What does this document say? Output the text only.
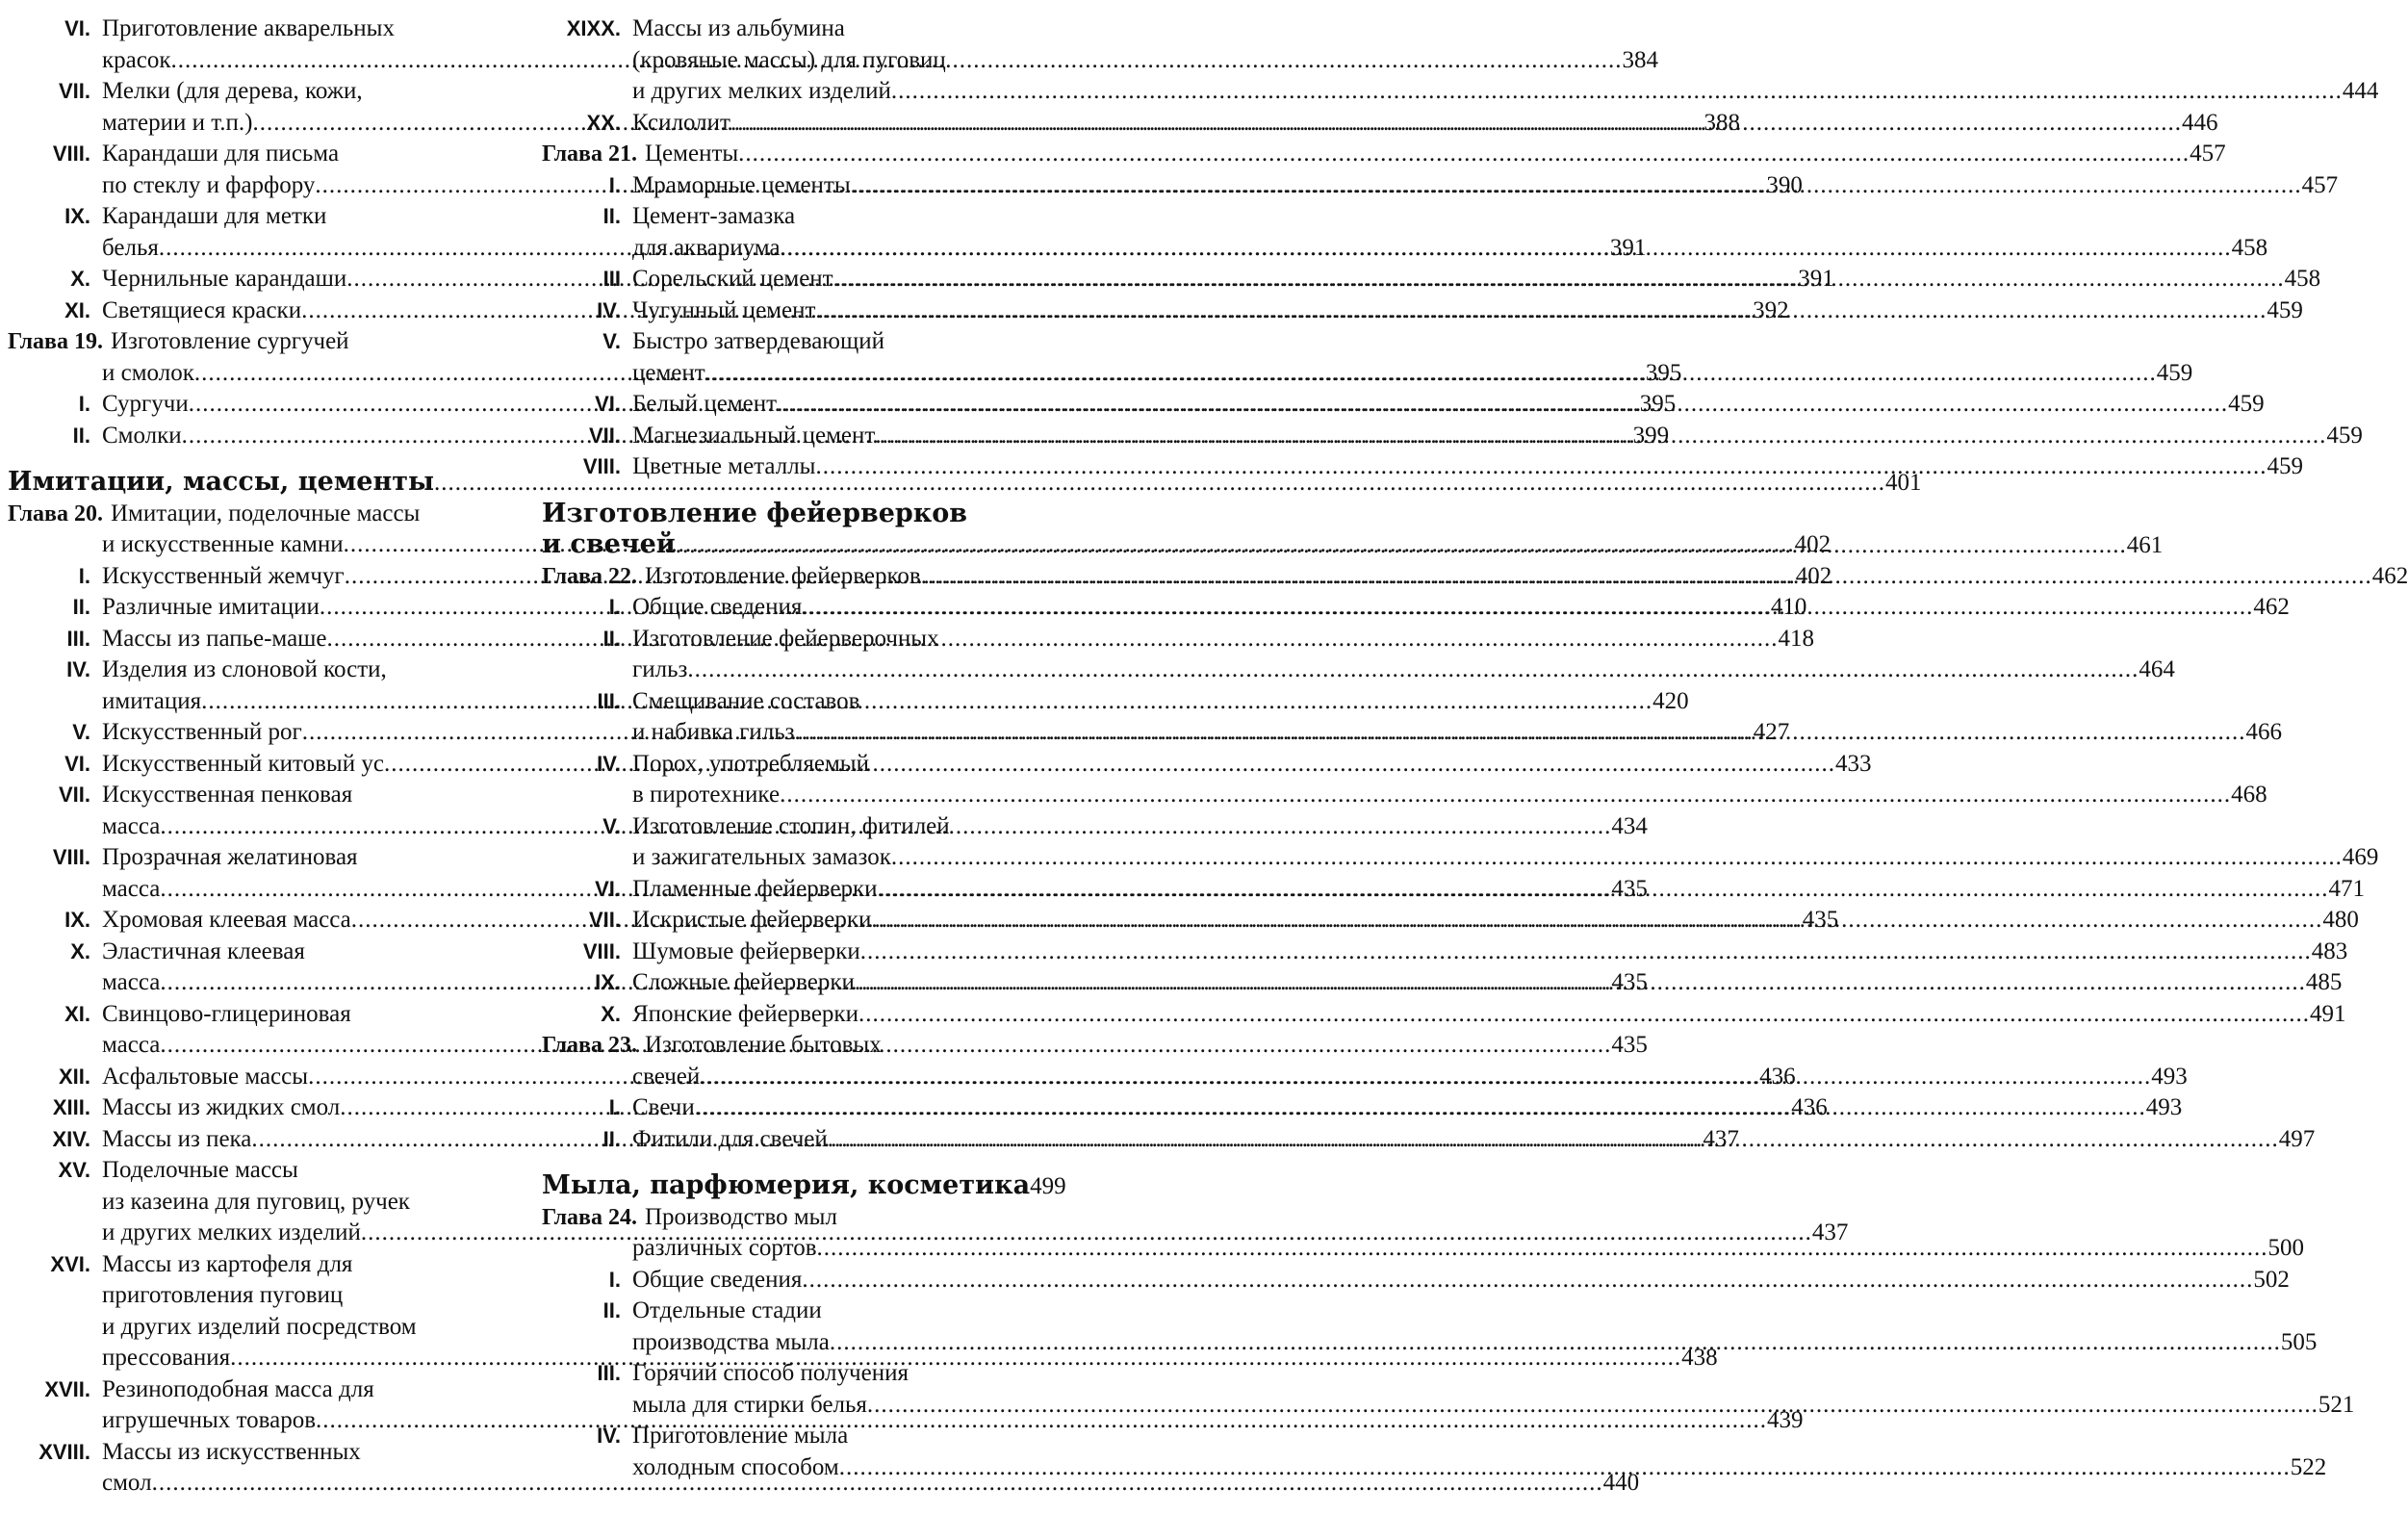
VI. Приготовление акварельных
красок .....	384
VII. Мелки (для дерева, кожи,
материи и т.п.) .....	388
VIII. Карандаши для письма
по стеклу и фарфору .....	390
IX. Карандаши для метки
белья .....	391
X. Чернильные карандаши .....	391
XI. Светящиеся краски .....	392
Глава 19. Изготовление сургучей
и смолок .....	395
I. Сургучи .....	395
II. Смолки .....	399
Имитации, массы, цементы .....	401
Глава 20. Имитации, поделочные массы
и искусственные камни .....	402
I. Искусственный жемчуг .....	402
II. Различные имитации .....	410
III. Массы из папье-маше .....	418
IV. Изделия из слоновой кости,
имитация .....	420
V. Искусственный рог .....	427
VI. Искусственный китовый ус .....	433
VII. Искусственная пенковая
масса .....	434
VIII. Прозрачная желатиновая
масса .....	435
IX. Хромовая клеевая масса .....	435
X. Эластичная клеевая
масса .....	435
XI. Свинцово-глицериновая
масса .....	435
XII. Асфальтовые массы .....	436
XIII. Массы из жидких смол .....	436
XIV. Массы из пека .....	437
XV. Поделочные массы
из казеина для пуговиц, ручек
и других мелких изделий .....	437
XVI. Массы из картофеля для
приготовления пуговиц
и других изделий посредством
прессования .....	438
XVII. Резиноподобная масса для
игрушечных товаров .....	439
XVIII. Массы из искусственных
смол .....	440
XIXX. Массы из альбумина
(кровяные массы) для пуговиц
и других мелких изделий .....	444
XX. Ксилолит .....	446
Глава 21. Цементы .....	457
I. Мраморные цементы .....	457
II. Цемент-замазка
для аквариума .....	458
III Сорельский цемент .....	458
IV. Чугунный цемент .....	459
V. Быстро затвердевающий
цемент .....	459
VI. Белый цемент .....	459
VII. Магнезиальный цемент .....	459
VIII. Цветные металлы .....	459
Изготовление фейерверков
и свечей .....	461
Глава 22. Изготовление фейерверков .....	462
I. Общие сведения .....	462
II. Изготовление фейерверочных
гильз .....	464
III. Смещивание составов
и набивка гильз .....	466
IV. Порох, употребляемый
в пиротехнике .....	468
V. Изготовление стопин, фитилей
и зажигательных замазок .....	469
VI. Пламенные фейерверки .....	471
VII. Искристые фейерверки .....	480
VIII. Шумовые фейерверки .....	483
IX. Сложные фейерверки .....	485
X. Японские фейерверки .....	491
Глава 23. Изготовление бытовых
свечей .....	493
I. Свечи .....	493
II. Фитили для свечей .....	497
Мыла, парфюмерия, косметика 499
Глава 24. Производство мыл
различных сортов .....	500
I. Общие сведения .....	502
II. Отдельные стадии
производства мыла .....	505
III. Горячий способ получения
мыла для стирки белья .....	521
IV. Приготовление мыла
холодным способом .....	522
